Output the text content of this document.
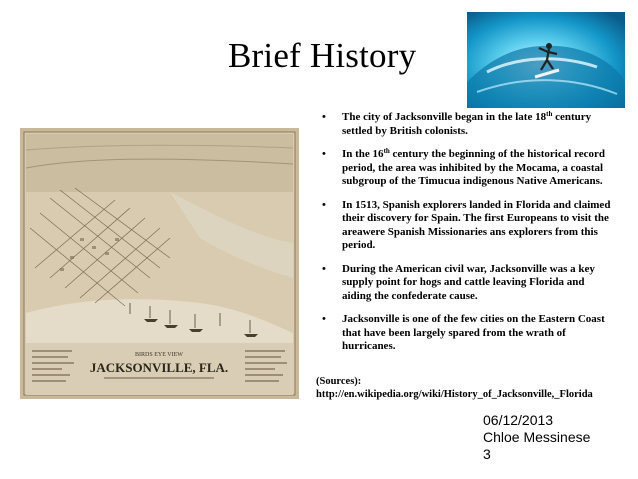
Brief History
BIRDS EYE VIEW
JACKSONVILLE, FLA.
• The city of Jacksonville began in the late 18th century settled by British colonists.
• In the 16th century the beginning of the historical record period, the area was inhibited by the Mocama, a coastal subgroup of the Timucua indigenous Native Americans.
• In 1513, Spanish explorers landed in Florida and claimed their discovery for Spain. The first Europeans to visit the areawere Spanish Missionaries ans explorers from this period.
• During the American civil war, Jacksonville was a key supply point for hogs and cattle leaving Florida and aiding the confederate cause.
• Jacksonville is one of the few cities on the Eastern Coast that have been largely spared from the wrath of hurricanes.
(Sources):
http://en.wikipedia.org/wiki/History_of_Jacksonville,_Florida
06/12/2013
Chloe Messinese
3
